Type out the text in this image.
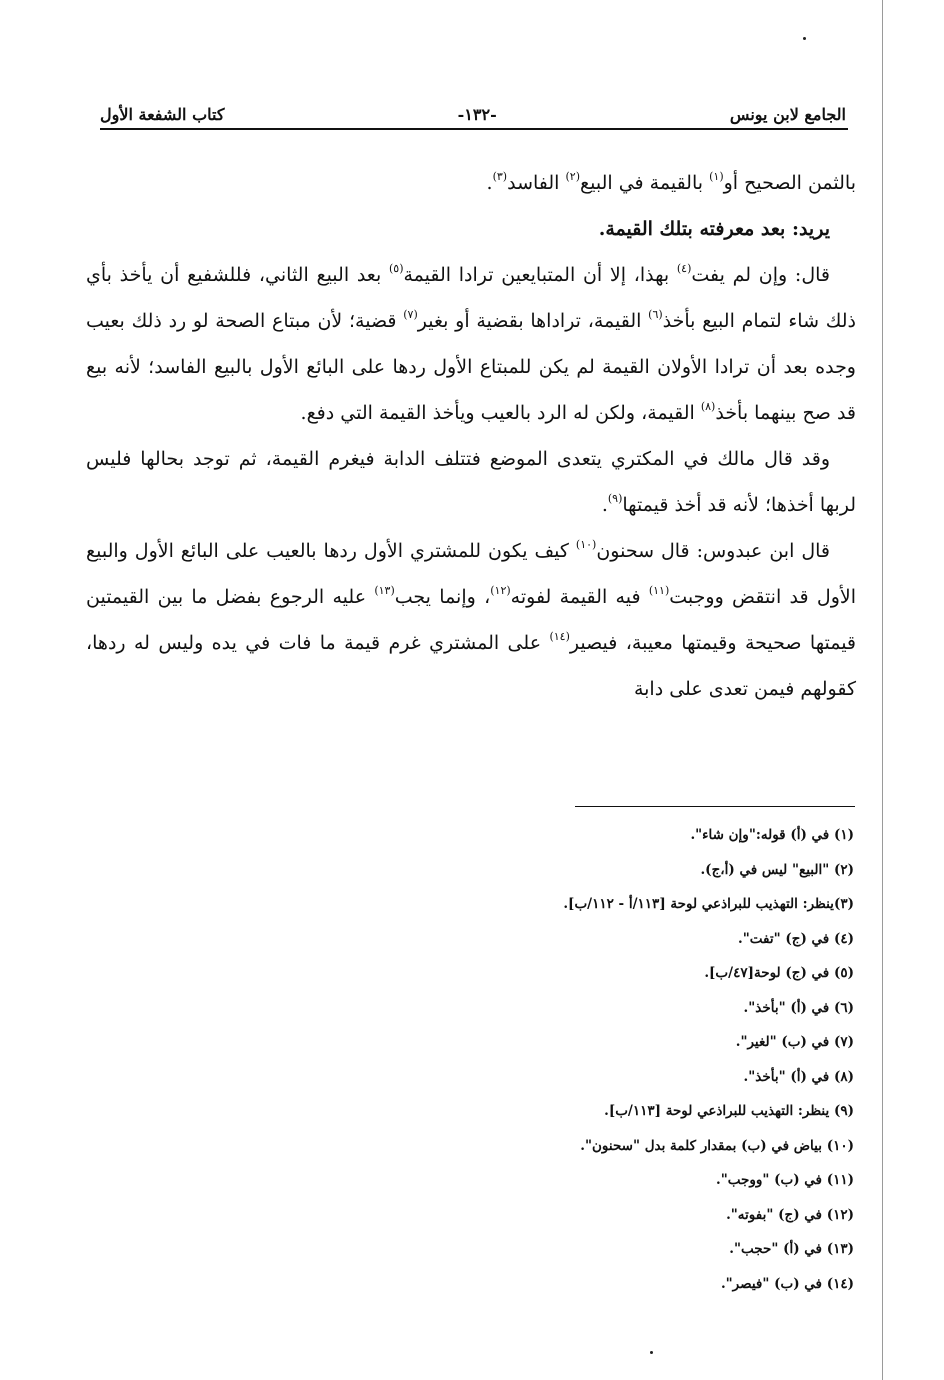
الجامع لابن يونس
-١٣٢-
كتاب الشفعة الأول

بالثمن الصحيح أو$^{(١)}$ بالقيمة في البيع$^{(٢)}$ الفاسد$^{(٣)}$.

يريد: بعد معرفته بتلك القيمة.

قال: وإن لم يفت$^{(٤)}$ بهذا، إلا أن المتبايعين ترادا القيمة$^{(٥)}$ بعد البيع الثاني، فللشفيع أن يأخذ بأي ذلك شاء لتمام البيع بأخذ$^{(٦)}$ القيمة، تراداها بقضية أو بغير$^{(٧)}$ قضية؛ لأن مبتاع الصحة لو رد ذلك بعيب وجده بعد أن ترادا الأولان القيمة لم يكن للمبتاع الأول ردها على البائع الأول بالبيع الفاسد؛ لأنه بيع قد صح بينهما بأخذ$^{(٨)}$ القيمة، ولكن له الرد بالعيب ويأخذ القيمة التي دفع.

وقد قال مالك في المكتري يتعدى الموضع فتتلف الدابة فيغرم القيمة، ثم توجد بحالها فليس لربها أخذها؛ لأنه قد أخذ قيمتها$^{(٩)}$.

قال ابن عبدوس: قال سحنون$^{(١٠)}$ كيف يكون للمشتري الأول ردها بالعيب على البائع الأول والبيع الأول قد انتقض ووجبت$^{(١١)}$ فيه القيمة لفوته$^{(١٢)}$، وإنما يجب$^{(١٣)}$ عليه الرجوع بفضل ما بين القيمتين قيمتها صحيحة وقيمتها معيبة، فيصير$^{(١٤)}$ على المشتري غرم قيمة ما فات في يده وليس له ردها، كقولهم فيمن تعدى على دابة

(١) في (أ) قوله:"وإن شاء".
(٢) "البيع" ليس في (أ،ج).
(٣)ينظر: التهذيب للبراذعي لوحة [١١٣/أ - ١١٢/ب].
(٤) في (ج) "تفت".
(٥) في (ج) لوحة[٤٧/ب].
(٦) في (أ) "بأخذ".
(٧) في (ب) "لغير".
(٨) في (أ) "بأخذ".
(٩) ينظر: التهذيب للبراذعي لوحة [١١٣/ب].
(١٠) بياض في (ب) بمقدار كلمة بدل "سحنون".
(١١) في (ب) "ووجب".
(١٢) في (ج) "بفوته".
(١٣) في (أ) "حجب".
(١٤) في (ب) "فيصر".
